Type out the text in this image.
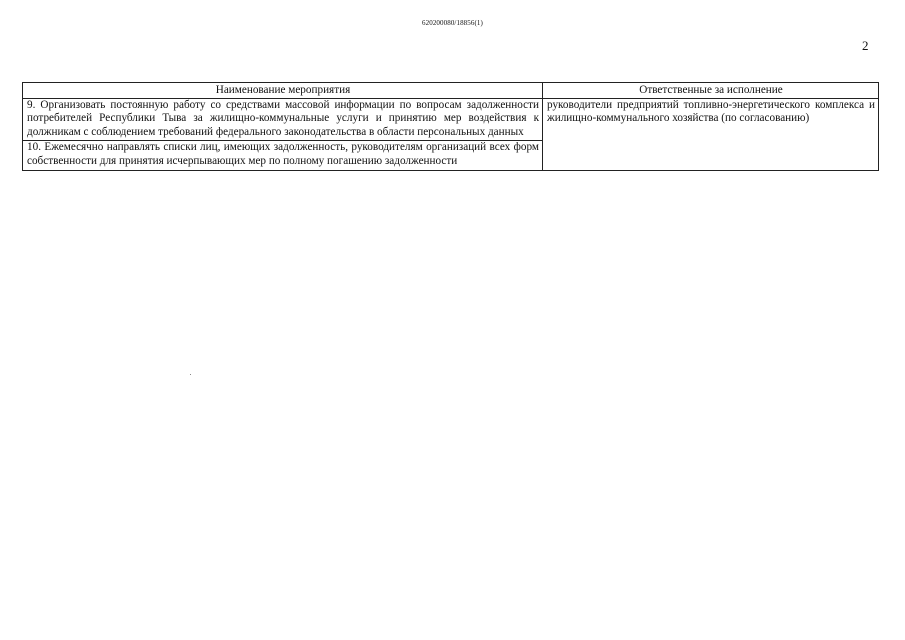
620200080/18856(1)
2
Наименование мероприятия	Ответственные за исполнение
9. Организовать постоянную работу со средствами массовой информации по вопросам задолженности потребителей Республики Тыва за жилищно-коммунальные услуги и принятию мер воздействия к должникам с соблюдением требований федерального законодательства в области персональных данных	руководители предприятий топливно-энергетического комплекса и жилищно-коммунального хозяйства (по согласованию)
10. Ежемесячно направлять списки лиц, имеющих задолженность, руководителям организаций всех форм собственности для принятия исчерпывающих мер по полному погашению задолженности	
